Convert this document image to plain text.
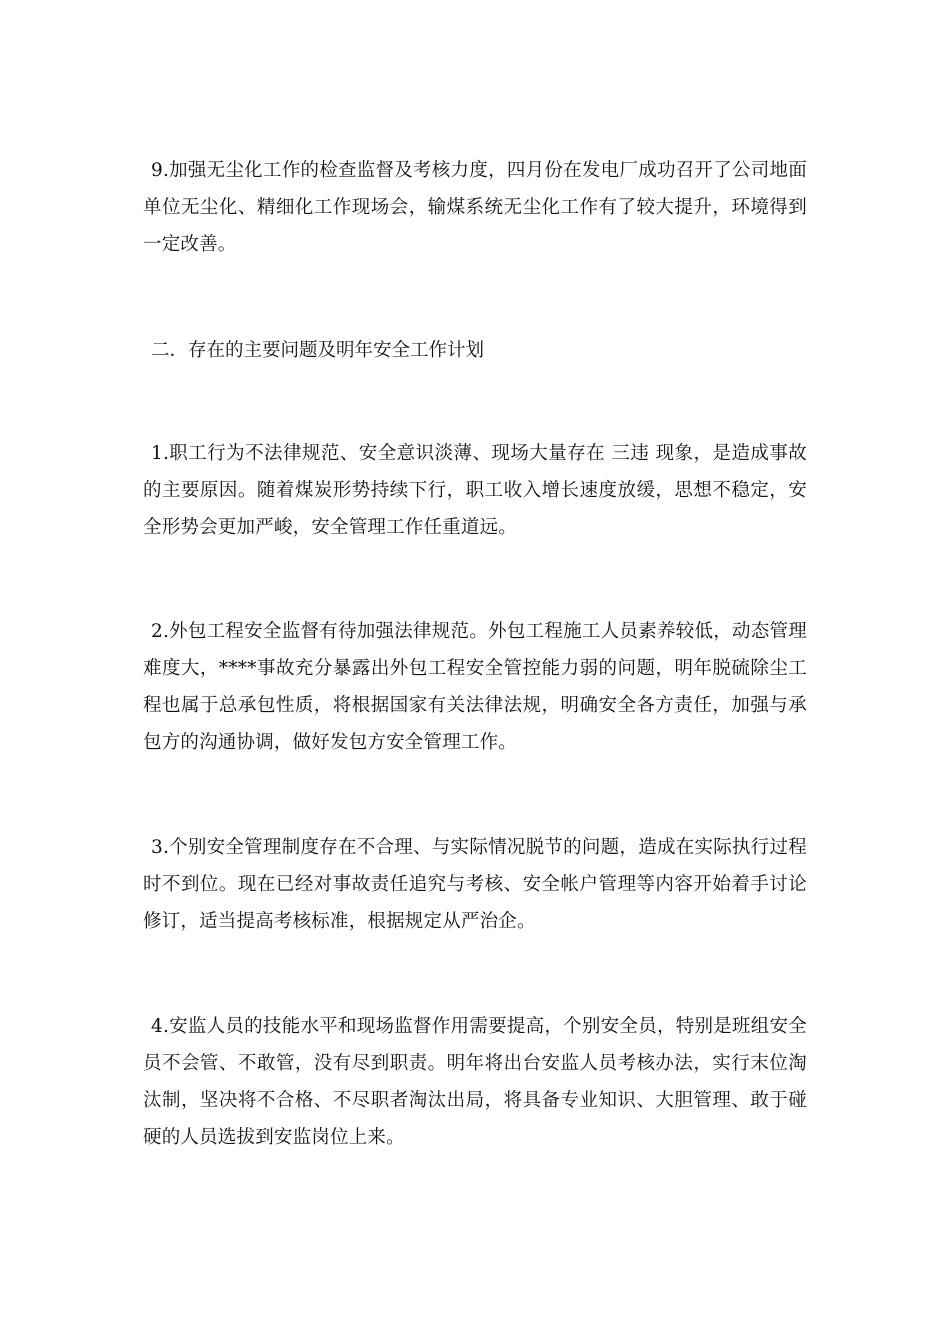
9.加强无尘化工作的检查监督及考核力度，四月份在发电厂成功召开了公司地面单位无尘化、精细化工作现场会，输煤系统无尘化工作有了较大提升，环境得到一定改善。

二．存在的主要问题及明年安全工作计划

1.职工行为不法律规范、安全意识淡薄、现场大量存在 三违 现象，是造成事故的主要原因。随着煤炭形势持续下行，职工收入增长速度放缓，思想不稳定，安全形势会更加严峻，安全管理工作任重道远。

2.外包工程安全监督有待加强法律规范。外包工程施工人员素养较低，动态管理难度大，****事故充分暴露出外包工程安全管控能力弱的问题，明年脱硫除尘工程也属于总承包性质，将根据国家有关法律法规，明确安全各方责任，加强与承包方的沟通协调，做好发包方安全管理工作。

3.个别安全管理制度存在不合理、与实际情况脱节的问题，造成在实际执行过程时不到位。现在已经对事故责任追究与考核、安全帐户管理等内容开始着手讨论修订，适当提高考核标准，根据规定从严治企。

4.安监人员的技能水平和现场监督作用需要提高，个别安全员，特别是班组安全员不会管、不敢管，没有尽到职责。明年将出台安监人员考核办法，实行末位淘汰制，坚决将不合格、不尽职者淘汰出局，将具备专业知识、大胆管理、敢于碰硬的人员选拔到安监岗位上来。
